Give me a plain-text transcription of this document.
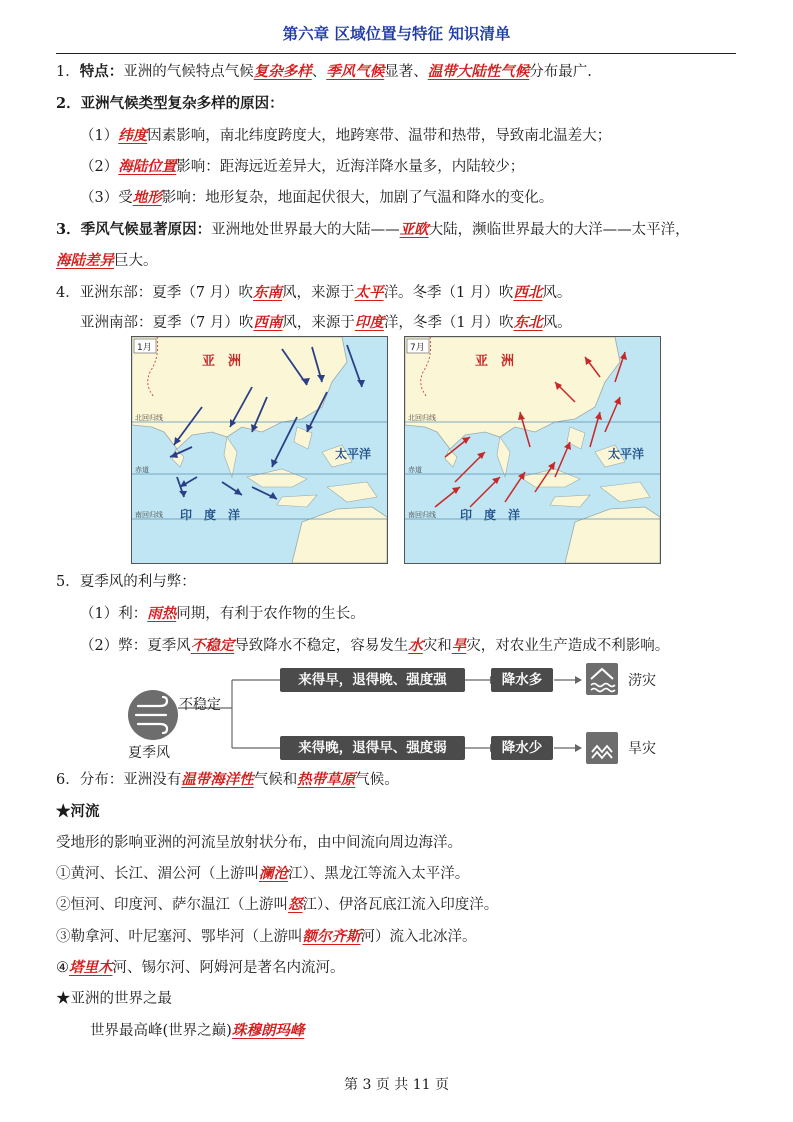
第六章 区域位置与特征 知识清单
1．特点：亚洲的气候特点气候复杂多样、季风气候显著、温带大陆性气候分布最广.
2．亚洲气候类型复杂多样的原因：
（1）纬度因素影响，南北纬度跨度大，地跨寒带、温带和热带，导致南北温差大；
（2）海陆位置影响：距海远近差异大，近海洋降水量多，内陆较少；
（3）受地形影响：地形复杂，地面起伏很大，加剧了气温和降水的变化。
3．季风气候显著原因：亚洲地处世界最大的大陆——亚欧大陆，濒临世界最大的大洋——太平洋，
海陆差异巨大。
4．亚洲东部：夏季（7 月）吹东南风，来源于太平洋。冬季（1 月）吹西北风。
亚洲南部：夏季（7 月）吹西南风，来源于印度洋，冬季（1 月）吹东北风。
1月
亚　洲
太平洋
印　度　洋
北回归线
赤道
南回归线
7月
亚　洲
太平洋
印　度　洋
北回归线
赤道
南回归线
5．夏季风的利与弊：
（1）利：雨热同期，有利于农作物的生长。
（2）弊：夏季风不稳定导致降水不稳定，容易发生水灾和旱灾，对农业生产造成不利影响。
不稳定
夏季风
来得早，退得晚、强度强
来得晚，退得早、强度弱
降水多
降水少
涝灾
旱灾
6．分布：亚洲没有温带海洋性气候和热带草原气候。
★河流
受地形的影响亚洲的河流呈放射状分布，由中间流向周边海洋。
①黄河、长江、湄公河（上游叫澜沧江）、黑龙江等流入太平洋。
②恒河、印度河、萨尔温江（上游叫怒江）、伊洛瓦底江流入印度洋。
③勒拿河、叶尼塞河、鄂毕河（上游叫额尔齐斯河）流入北冰洋。
④塔里木河、锡尔河、阿姆河是著名内流河。
★亚洲的世界之最
世界最高峰(世界之巅)珠穆朗玛峰
第 3 页 共 11 页
